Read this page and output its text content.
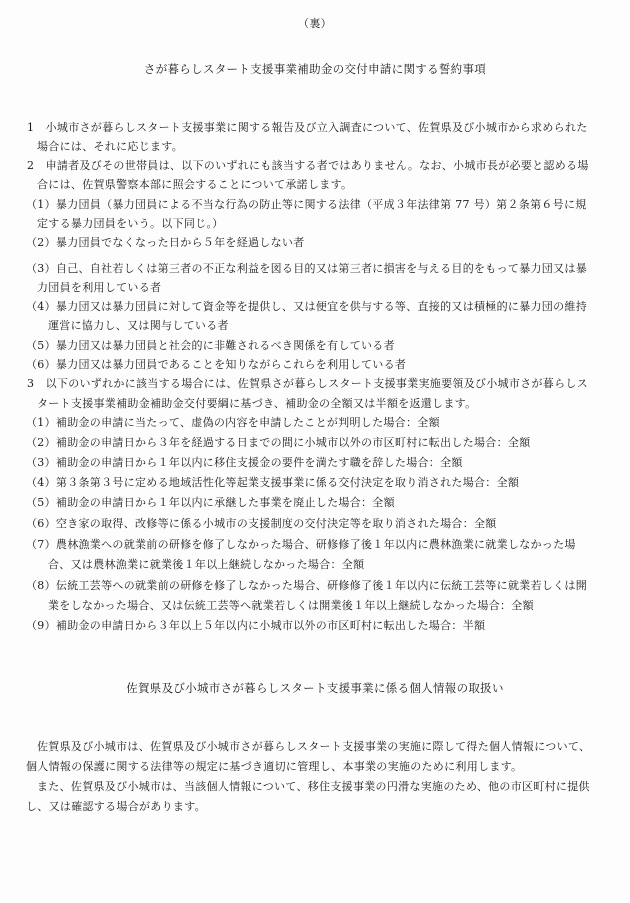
（裏）
さが暮らしスタート支援事業補助金の交付申請に関する誓約事項
1　小城市さが暮らしスタート支援事業に関する報告及び立入調査について、佐賀県及び小城市から求められた
場合には、それに応じます。
2　申請者及びその世帯員は、以下のいずれにも該当する者ではありません。なお、小城市長が必要と認める場
合には、佐賀県警察本部に照会することについて承諾します。
（1）暴力団員（暴力団員による不当な行為の防止等に関する法律（平成３年法律第 77 号）第２条第６号に規
定する暴力団員をいう。以下同じ。）
（2）暴力団員でなくなった日から５年を経過しない者
（3）自己、自社若しくは第三者の不正な利益を図る目的又は第三者に損害を与える目的をもって暴力団又は暴
力団員を利用している者
（4）暴力団又は暴力団員に対して資金等を提供し、又は便宜を供与する等、直接的又は積極的に暴力団の維持
運営に協力し、又は関与している者
（5）暴力団又は暴力団員と社会的に非難されるべき関係を有している者
（6）暴力団又は暴力団員であることを知りながらこれらを利用している者
3　以下のいずれかに該当する場合には、佐賀県さが暮らしスタート支援事業実施要領及び小城市さが暮らしス
タート支援事業補助金補助金交付要綱に基づき、補助金の全額又は半額を返還します。
（1）補助金の申請に当たって、虚偽の内容を申請したことが判明した場合：全額
（2）補助金の申請日から３年を経過する日までの間に小城市以外の市区町村に転出した場合：全額
（3）補助金の申請日から１年以内に移住支援金の要件を満たす職を辞した場合：全額
（4）第３条第３号に定める地域活性化等起業支援事業に係る交付決定を取り消された場合：全額
（5）補助金の申請日から１年以内に承継した事業を廃止した場合：全額
（6）空き家の取得、改修等に係る小城市の支援制度の交付決定等を取り消された場合：全額
（7）農林漁業への就業前の研修を修了しなかった場合、研修修了後１年以内に農林漁業に就業しなかった場
合、又は農林漁業に就業後１年以上継続しなかった場合：全額
（8）伝統工芸等への就業前の研修を修了しなかった場合、研修修了後１年以内に伝統工芸等に就業若しくは開
業をしなかった場合、又は伝統工芸等へ就業若しくは開業後１年以上継続しなかった場合：全額
（9）補助金の申請日から３年以上５年以内に小城市以外の市区町村に転出した場合：半額
佐賀県及び小城市さが暮らしスタート支援事業に係る個人情報の取扱い
佐賀県及び小城市は、佐賀県及び小城市さが暮らしスタート支援事業の実施に際して得た個人情報について、
個人情報の保護に関する法律等の規定に基づき適切に管理し、本事業の実施のために利用します。
また、佐賀県及び小城市は、当該個人情報について、移住支援事業の円滑な実施のため、他の市区町村に提供
し、又は確認する場合があります。
